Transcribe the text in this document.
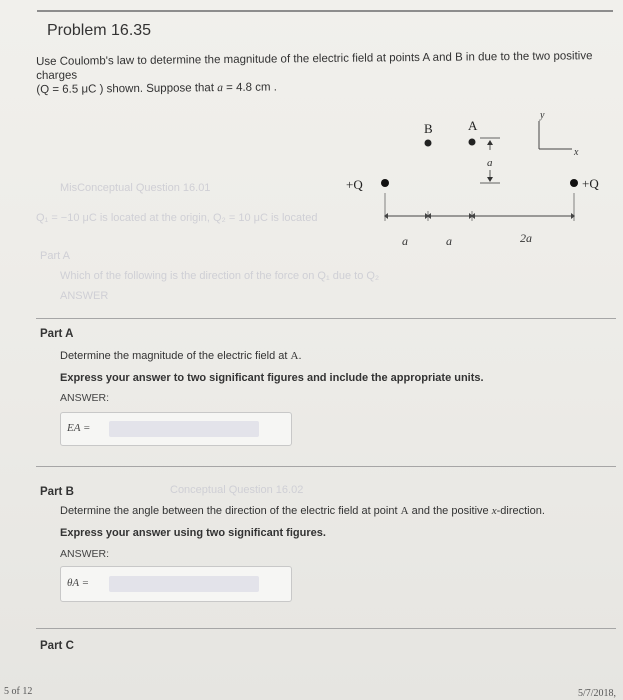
Problem 16.35
Use Coulomb's law to determine the magnitude of the electric field at points A and B in due to the two positive charges
(Q = 6.5 μC ) shown. Suppose that a = 4.8 cm .
MisConceptual Question 16.01
Q₁ = −10 μC is located at the origin, Q₂ = 10 μC is located
Part A
Which of the following is the direction of the force on Q₁ due to Q₂
ANSWER
Conceptual Question 16.02
B	A
a
y
x
+Q	+Q
a	a	2a
Part A
Determine the magnitude of the electric field at A.
Express your answer to two significant figures and include the appropriate units.
ANSWER:
EA =
Part B
Determine the angle between the direction of the electric field at point A and the positive x-direction.
Express your answer using two significant figures.
ANSWER:
θA =
Part C
5 of 12	5/7/2018,
